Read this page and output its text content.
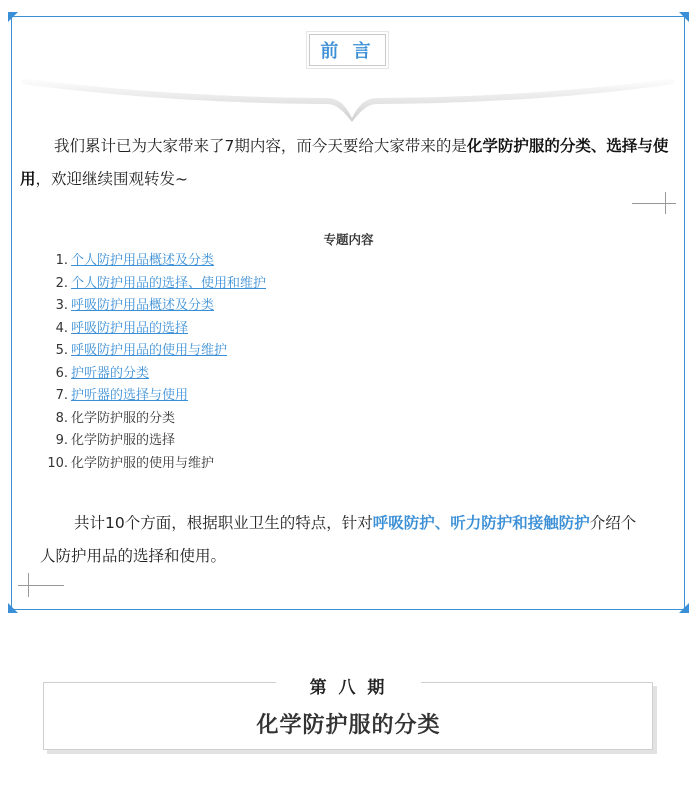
前 言
我们累计已为大家带来了7期内容，而今天要给大家带来的是化学防护服的分类、选择与使用，欢迎继续围观转发~
专题内容
1. 个人防护用品概述及分类
2. 个人防护用品的选择、使用和维护
3. 呼吸防护用品概述及分类
4. 呼吸防护用品的选择
5. 呼吸防护用品的使用与维护
6. 护听器的分类
7. 护听器的选择与使用
8. 化学防护服的分类
9. 化学防护服的选择
10. 化学防护服的使用与维护
共计10个方面，根据职业卫生的特点，针对呼吸防护、听力防护和接触防护介绍个人防护用品的选择和使用。
第 八 期
化学防护服的分类
